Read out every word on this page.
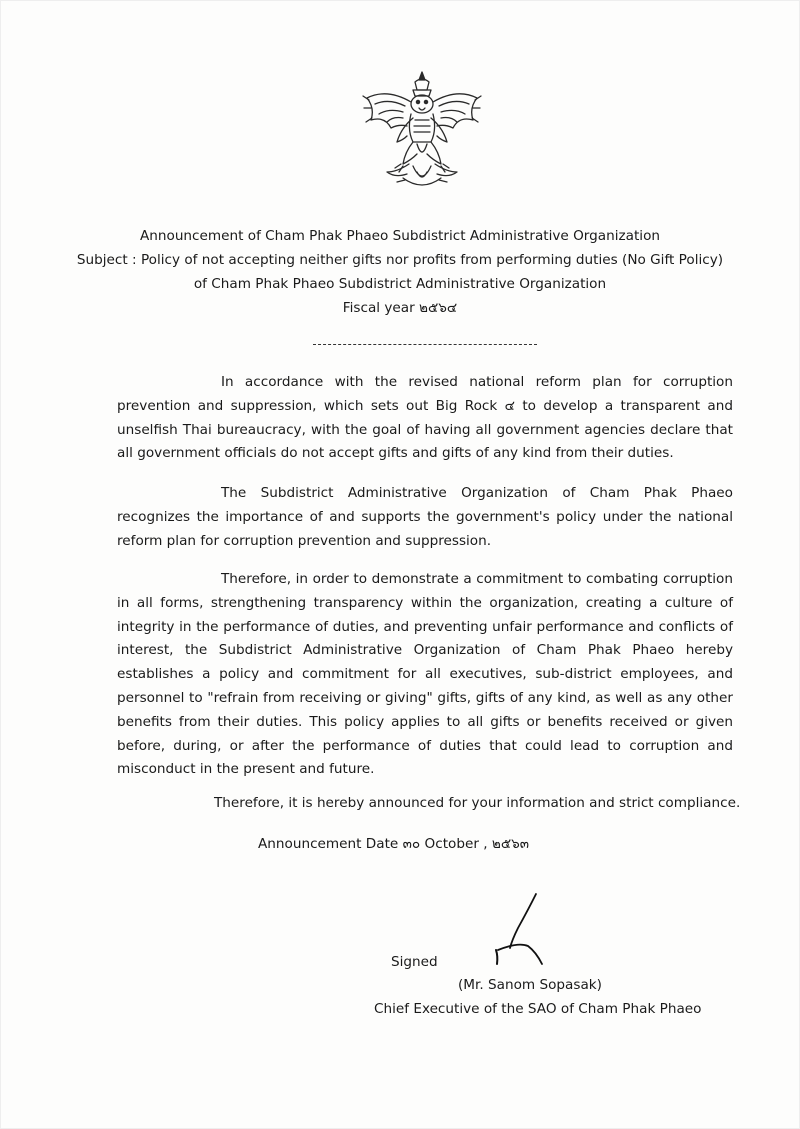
Announcement of Cham Phak Phaeo Subdistrict Administrative Organization
Subject : Policy of not accepting neither gifts nor profits from performing duties (No Gift Policy)
of Cham Phak Phaeo Subdistrict Administrative Organization
Fiscal year ๒๕๖๔

In accordance with the revised national reform plan for corruption prevention and suppression, which sets out Big Rock ๔ to develop a transparent and unselfish Thai bureaucracy, with the goal of having all government agencies declare that all government officials do not accept gifts and gifts of any kind from their duties.

The Subdistrict Administrative Organization of Cham Phak Phaeo recognizes the importance of and supports the government's policy under the national reform plan for corruption prevention and suppression.

Therefore, in order to demonstrate a commitment to combating corruption in all forms, strengthening transparency within the organization, creating a culture of integrity in the performance of duties, and preventing unfair performance and conflicts of interest, the Subdistrict Administrative Organization of Cham Phak Phaeo hereby establishes a policy and commitment for all executives, sub-district employees, and personnel to "refrain from receiving or giving" gifts, gifts of any kind, as well as any other benefits from their duties. This policy applies to all gifts or benefits received or given before, during, or after the performance of duties that could lead to corruption and misconduct in the present and future.

Therefore, it is hereby announced for your information and strict compliance.
Announcement Date ๓๐ October , ๒๕๖๓
Signed
(Mr. Sanom Sopasak)
Chief Executive of the SAO of Cham Phak Phaeo
